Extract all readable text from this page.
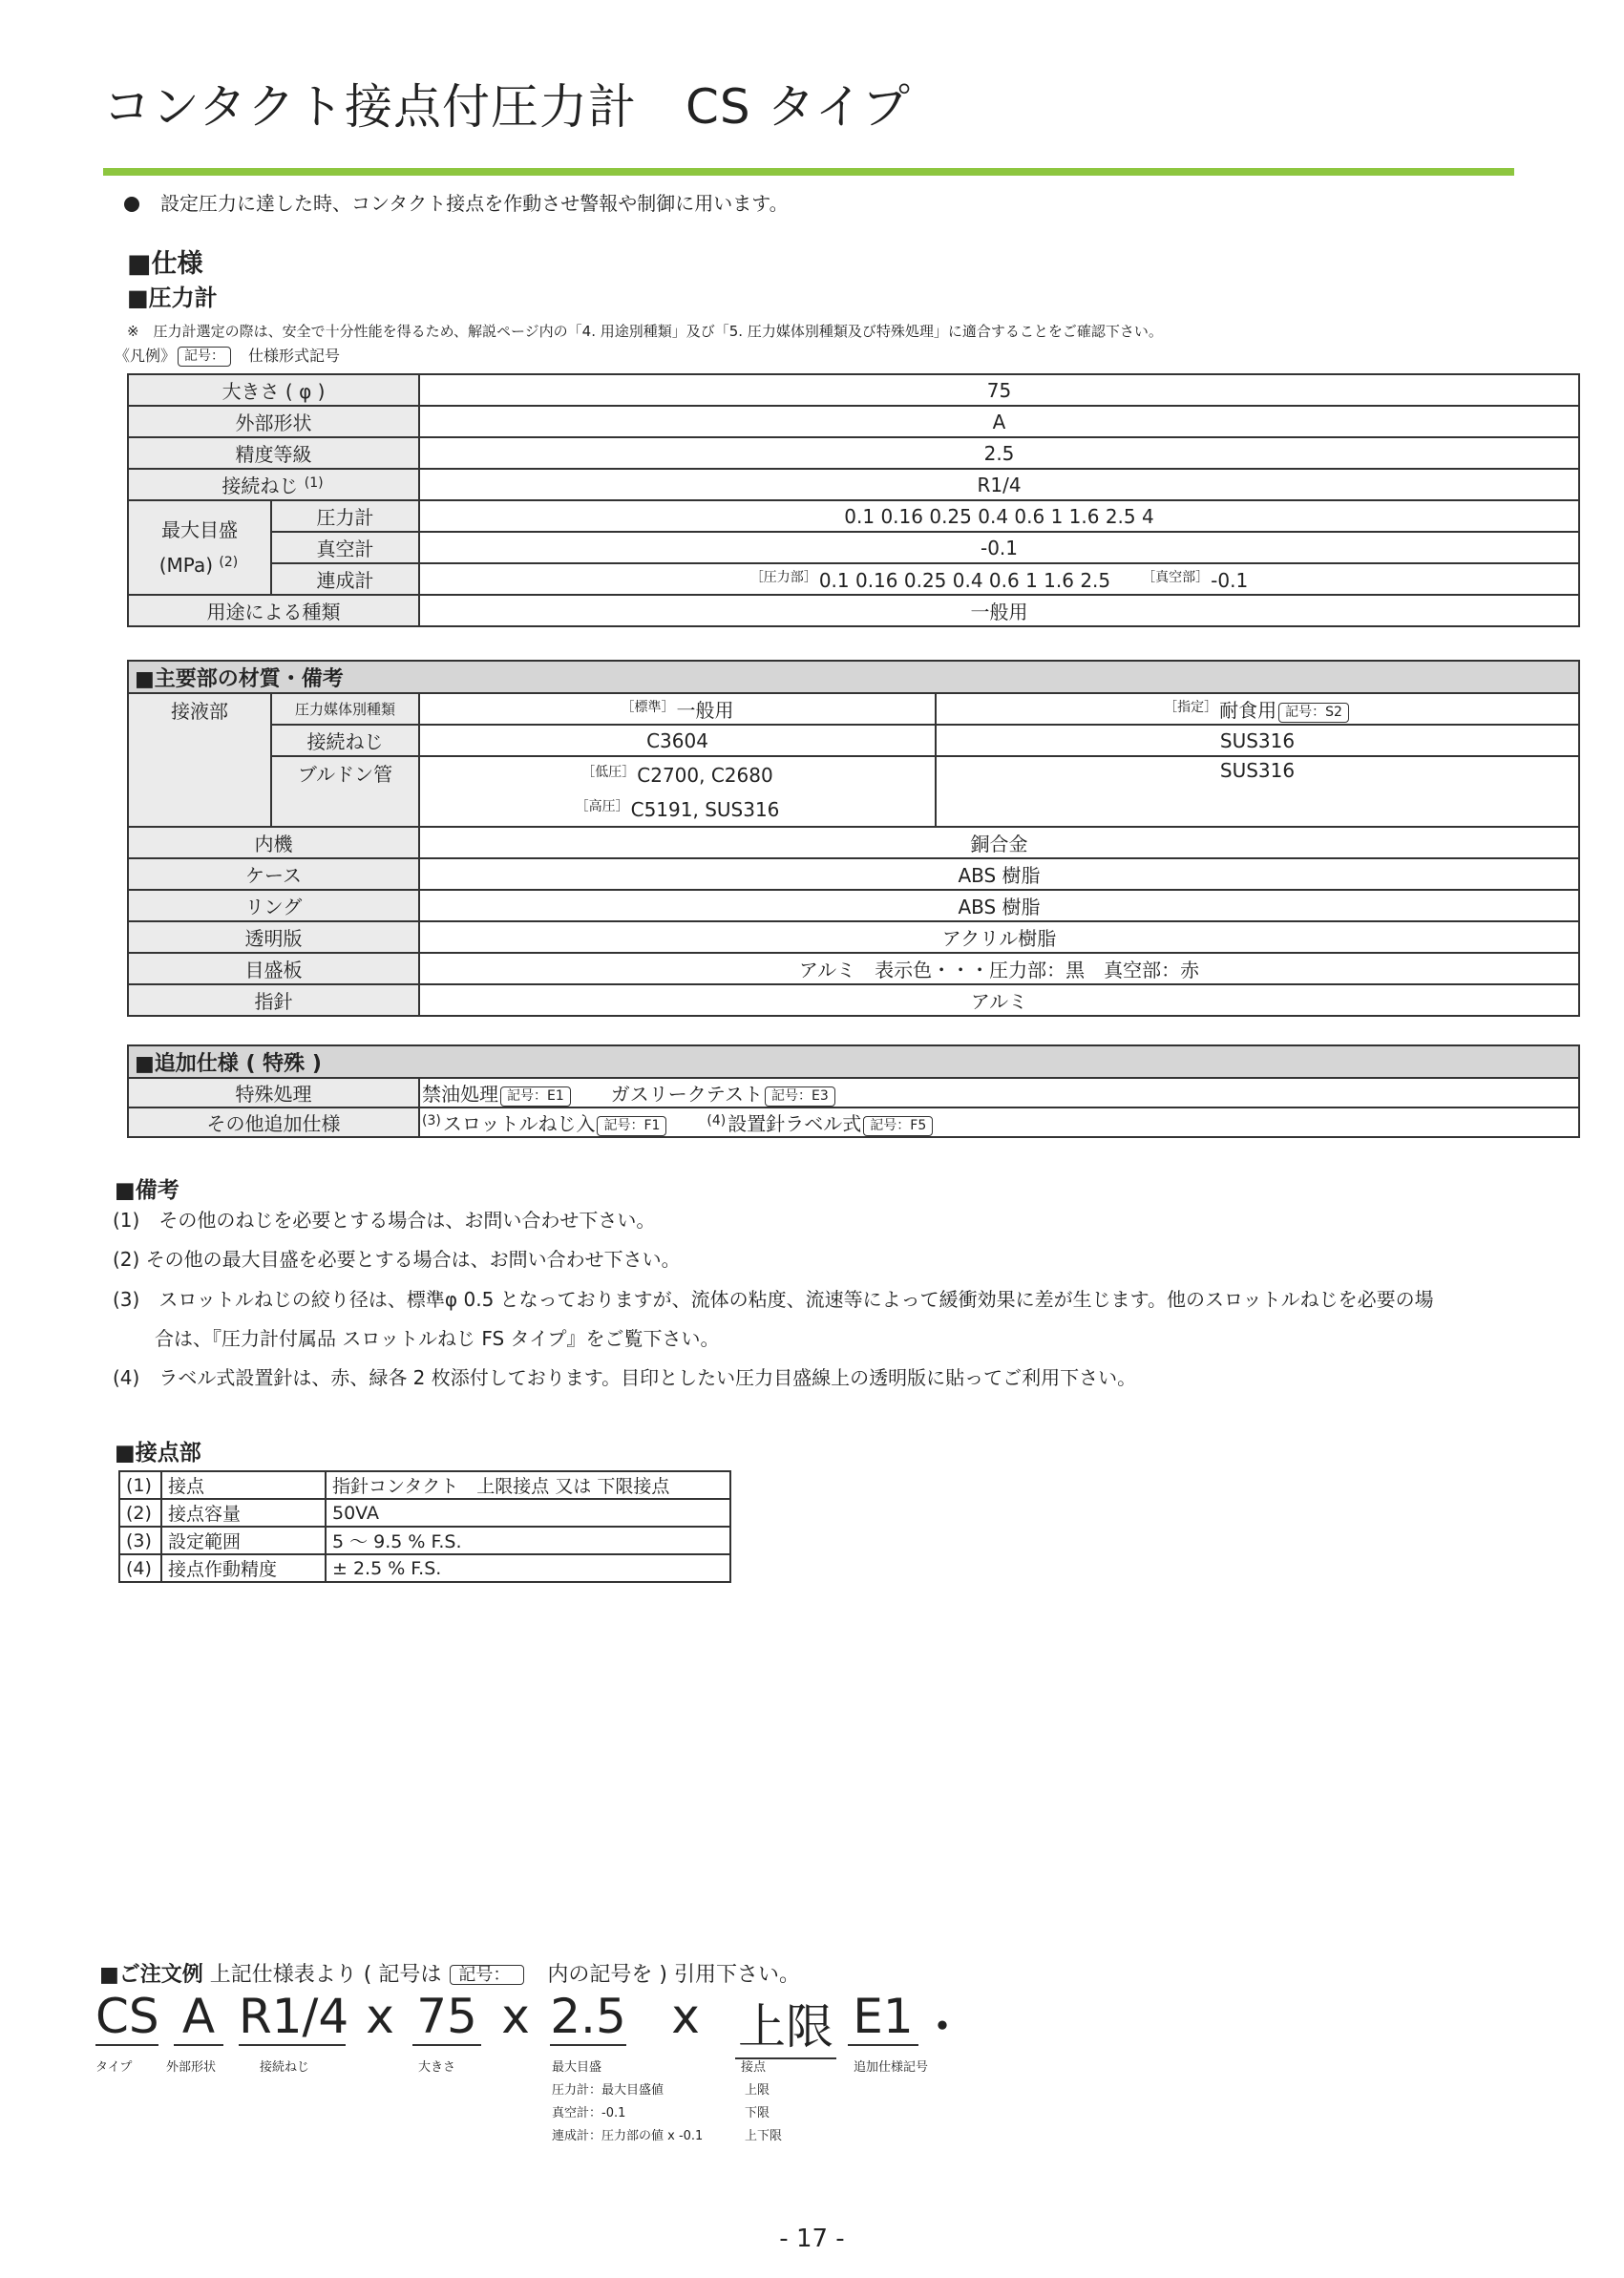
コンタクト接点付圧力計　CS タイプ
設定圧力に達した時、コンタクト接点を作動させ警報や制御に用います。
■仕様
■圧力計
※　圧力計選定の際は、安全で十分性能を得るため、解説ページ内の「4. 用途別種類」及び「5. 圧力媒体別種類及び特殊処理」に適合することをご確認下さい。
《凡例》 記号：　 仕様形式記号
大きさ ( φ )		75
外部形状		A
精度等級		2.5
接続ねじ $^{(1)}$		R1/4

最大目盛
(MPa) $^{(2)}$	圧力計	0.1 0.16 0.25 0.4 0.6 1 1.6 2.5 4
	真空計	-0.1
	連成計	$^{[圧力部]}$ 0.1 0.16 0.25 0.4 0.6 1 1.6 2.5　　 $^{[真空部]}$ -0.1
用途による種類		一般用
■主要部の材質・備考			
接液部	圧力媒体別種類	$^{[標準]}$ 一般用	$^{[指定]}$ 耐食用 記号：S2
	接続ねじ	C3604	SUS316
	ブルドン管	$^{[低圧]}$ C2700, C2680
$^{[高圧]}$ C5191, SUS316	SUS316
内機		銅合金	
ケース		ABS 樹脂	
リング		ABS 樹脂	
透明版		アクリル樹脂	
目盛板		アルミ　表示色・・・圧力部：黒　真空部：赤	
指針		アルミ	
■追加仕様 ( 特殊 )	
特殊処理	禁油処理 記号：E1　　 ガスリークテスト 記号：E3
その他追加仕様	$^{(3)}$ スロットルねじ入 記号：F1　　 $^{(4)}$ 設置針ラベル式 記号：F5
■備考
(1)　その他のねじを必要とする場合は、お問い合わせ下さい。
(2) その他の最大目盛を必要とする場合は、お問い合わせ下さい。
(3)　スロットルねじの絞り径は、標準φ 0.5 となっておりますが、流体の粘度、流速等によって緩衝効果に差が生じます。他のスロットルねじを必要の場
合は、『圧力計付属品 スロットルねじ FS タイプ』をご覧下さい。
(4)　ラベル式設置針は、赤、緑各 2 枚添付しております。目印としたい圧力目盛線上の透明版に貼ってご利用下さい。
■接点部
(1)	接点	指針コンタクト　上限接点 又は 下限接点
(2)	接点容量	50VA
(3)	設定範囲	5 ～ 9.5 % F.S.
(4)	接点作動精度	± 2.5 % F.S.
■ご注文例 上記仕様表より ( 記号は 記号：　 内の記号を ) 引用下さい。
CS A R1/4 x 75 x 2.5 x 上限 E1 ・
タイプ	外部形状	接続ねじ	大きさ	最大目盛	接点	追加仕様記号
圧力計：最大目盛値
真空計：-0.1
連成計：圧力部の値 x -0.1
上限
下限
上下限
- 17 -
